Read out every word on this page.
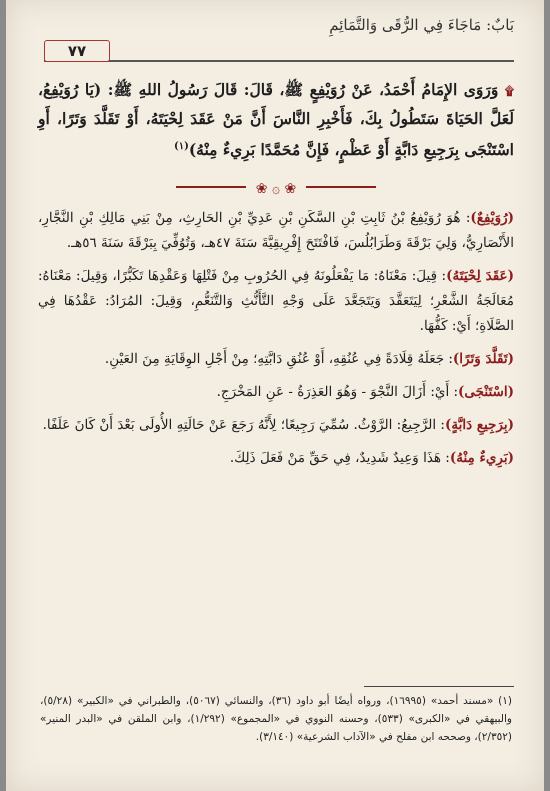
بَابٌ: مَاجَاءَ فِي الرُّقَى وَالتَّمَائِمِ
٧٧

۩ وَرَوَى الإِمَامُ أَحْمَدُ، عَنْ رُوَيْفِعٍ ﷺ، قَالَ: قَالَ رَسُولُ اللهِ ﷺ: (يَا رُوَيْفِعُ، لَعَلَّ الحَيَاةَ سَتَطُولُ بِكَ، فَأَخْبِرِ النَّاسَ أَنَّ مَنْ عَقَدَ لِحْيَتَهُ، أَوْ تَقَلَّدَ وَتَرًا، أَوِ اسْتَنْجَى بِرَجِيعِ دَابَّةٍ أَوْ عَظْمٍ، فَإِنَّ مُحَمَّدًا بَرِيءٌ مِنْهُ)$^{(١)}$

❀ ۞ ❀

(رُوَيْفِعٌ): هُوَ رُوَيْفِعُ بْنُ ثَابِتِ بْنِ السَّكَنِ بْنِ عَدِيِّ بْنِ الحَارِثِ، مِنْ بَنِي مَالِكِ بْنِ النَّجَّارِ، الأَنْصَارِيُّ، وَلِيَ بَرْقَةَ وَطَرَابُلُسَ، فَافْتَتَحَ إِفْرِيقِيَّةَ سَنَةَ ٤٧هـ، وَتُوُفِّيَ بِبَرْقَةَ سَنَةَ ٥٦هـ.

(عَقَدَ لِحْيَتَهُ): قِيلَ: مَعْنَاهُ: مَا يَفْعَلُونَهُ فِي الحُرُوبِ مِنْ فَتْلِهَا وَعَقْدِهَا تَكَبُّرًا، وَقِيلَ: مَعْنَاهُ: مُعَالَجَةُ الشَّعْرِ؛ لِيَتَعَقَّدَ وَيَتَجَعَّدَ عَلَى وَجْهِ التَّأَنُّثِ وَالتَّنَعُّمِ، وَقِيلَ: المُرَادُ: عَقْدُهَا فِي الصَّلَاةِ؛ أَيْ: كَفُّهَا.

(تَقَلَّدَ وَتَرًا): جَعَلَهُ قِلَادَةً فِي عُنُقِهِ، أَوْ عُنُقِ دَابَّتِهِ؛ مِنْ أَجْلِ الوِقَايَةِ مِنَ العَيْنِ.

(اسْتَنْجَى): أَيْ: أَزَالَ النَّجْوَ - وَهُوَ العَذِرَةُ - عَنِ المَخْرَجِ.

(بِرَجِيعِ دَابَّةٍ): الرَّجِيعُ: الرَّوْثُ. سُمِّيَ رَجِيعًا؛ لِأَنَّهُ رَجَعَ عَنْ حَالَتِهِ الأُولَى بَعْدَ أَنْ كَانَ عَلَفًا.

(بَرِيءٌ مِنْهُ): هَذَا وَعِيدٌ شَدِيدٌ، فِي حَقِّ مَنْ فَعَلَ ذَلِكَ.

(١) «مسند أحمد» (١٦٩٩٥)، ورواه أيضًا أبو داود (٣٦)، والنسائي (٥٠٦٧)، والطبراني في «الكبير» (٥/٢٨)، والبيهقي في «الكبرى» (٥٣٣)، وحسنه النووي في «المجموع» (١/٢٩٢)، وابن الملقن في «البدر المنير» (٢/٣٥٢)، وصححه ابن مفلح في «الآداب الشرعية» (٣/١٤٠).
